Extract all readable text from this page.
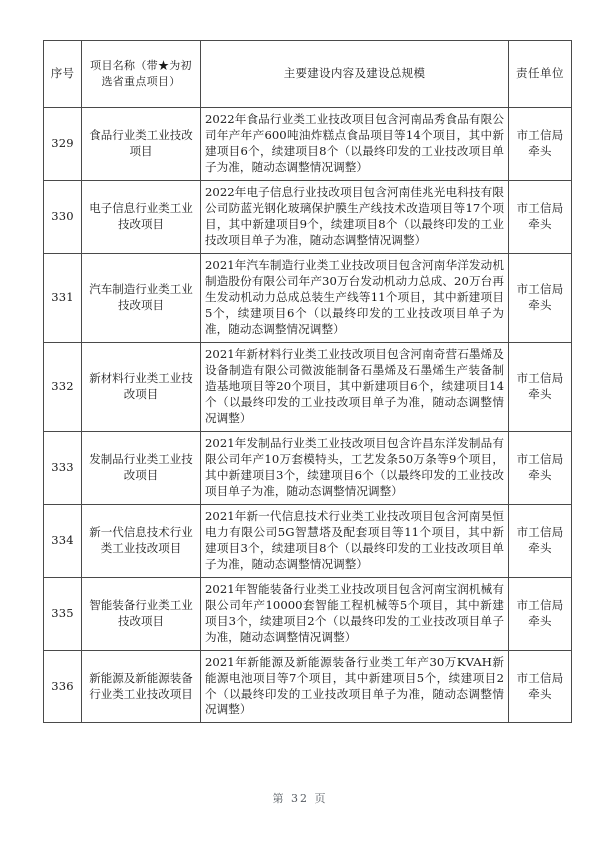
序号	项目名称（带★为初选省重点项目）	主要建设内容及建设总规模	责任单位
329	食品行业类工业技改项目	2022年食品行业类工业技改项目包含河南品秀食品有限公司年产年产600吨油炸糕点食品项目等14个项目，其中新建项目6个，续建项目8个（以最终印发的工业技改项目单子为准，随动态调整情况调整）	市工信局牵头
330	电子信息行业类工业技改项目	2022年电子信息行业技改项目包含河南佳兆光电科技有限公司防蓝光钢化玻璃保护膜生产线技术改造项目等17个项目，其中新建项目9个，续建项目8个（以最终印发的工业技改项目单子为准，随动态调整情况调整）	市工信局牵头
331	汽车制造行业类工业技改项目	2021年汽车制造行业类工业技改项目包含河南华洋发动机制造股份有限公司年产30万台发动机动力总成、20万台再生发动机动力总成总装生产线等11个项目，其中新建项目5个，续建项目6个（以最终印发的工业技改项目单子为准，随动态调整情况调整）	市工信局牵头
332	新材料行业类工业技改项目	2021年新材料行业类工业技改项目包含河南奇营石墨烯及设备制造有限公司微波能制备石墨烯及石墨烯生产装备制造基地项目等20个项目，其中新建项目6个，续建项目14个（以最终印发的工业技改项目单子为准，随动态调整情况调整）	市工信局牵头
333	发制品行业类工业技改项目	2021年发制品行业类工业技改项目包含许昌东洋发制品有限公司年产10万套模特头，工艺发条50万条等9个项目，其中新建项目3个，续建项目6个（以最终印发的工业技改项目单子为准，随动态调整情况调整）	市工信局牵头
334	新一代信息技术行业类工业技改项目	2021年新一代信息技术行业类工业技改项目包含河南昊恒电力有限公司5G智慧塔及配套项目等11个项目，其中新建项目3个，续建项目8个（以最终印发的工业技改项目单子为准，随动态调整情况调整）	市工信局牵头
335	智能装备行业类工业技改项目	2021年智能装备行业类工业技改项目包含河南宝润机械有限公司年产10000套智能工程机械等5个项目，其中新建项目3个，续建项目2个（以最终印发的工业技改项目单子为准，随动态调整情况调整）	市工信局牵头
336	新能源及新能源装备行业类工业技改项目	2021年新能源及新能源装备行业类工年产30万KVAH新能源电池项目等7个项目，其中新建项目5个，续建项目2个（以最终印发的工业技改项目单子为准，随动态调整情况调整）	市工信局牵头
第 32 页
